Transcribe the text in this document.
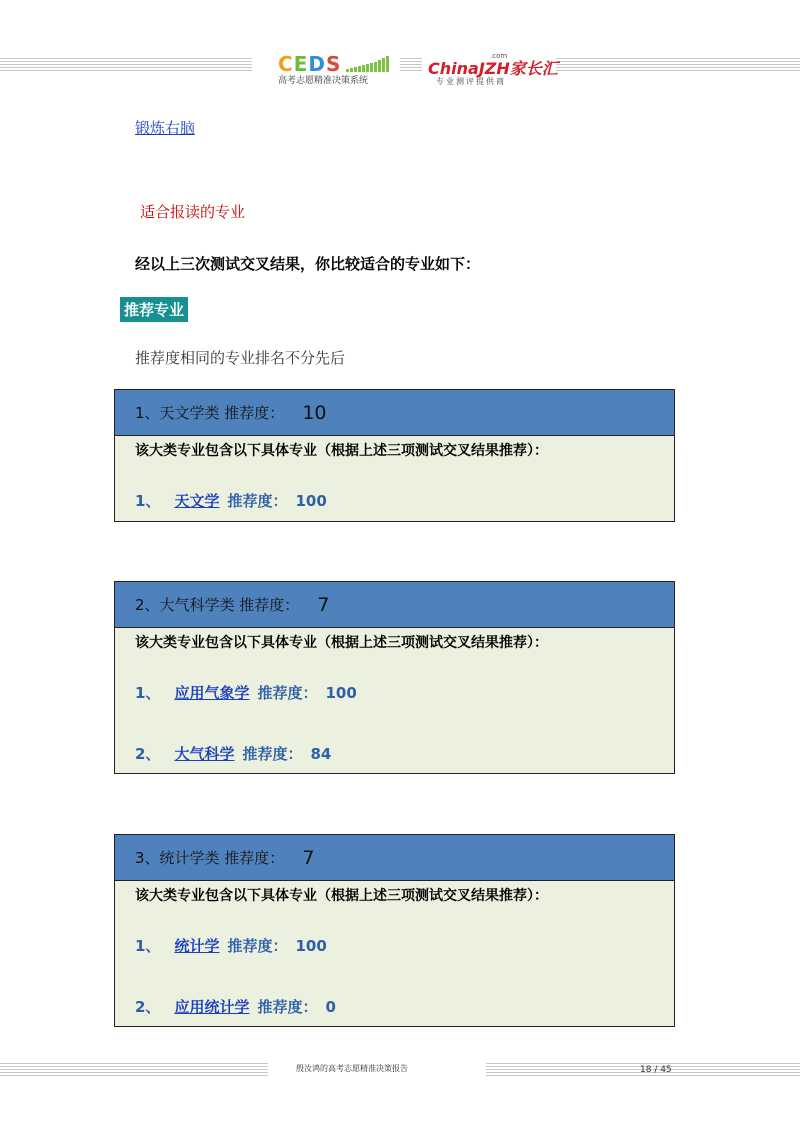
CEDS
高考志愿精准决策系统
.com
ChinaJZH家长汇
专业测评提供商
锻炼右脑
适合报读的专业
经以上三次测试交叉结果，你比较适合的专业如下：
推荐专业
推荐度相同的专业排名不分先后
1、天文学类 推荐度： 10
该大类专业包含以下具体专业（根据上述三项测试交叉结果推荐）：
1、 天文学 推荐度： 100
2、大气科学类 推荐度： 7
该大类专业包含以下具体专业（根据上述三项测试交叉结果推荐）：
1、 应用气象学 推荐度： 100
2、 大气科学 推荐度： 84
3、统计学类 推荐度： 7
该大类专业包含以下具体专业（根据上述三项测试交叉结果推荐）：
1、 统计学 推荐度： 100
2、 应用统计学 推荐度： 0
殷汝鸿的高考志愿精准决策报告	18 / 45
